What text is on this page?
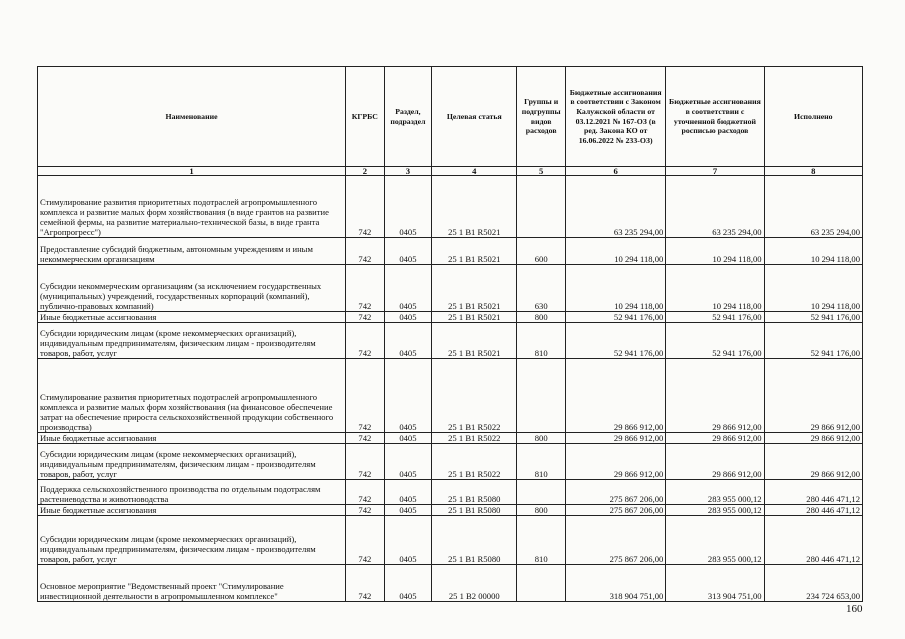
Наименование	КГРБС	Раздел, подраздел	Целевая статья	Группы и подгруппы видов расходов	Бюджетные ассигнования в соответствии с Законом Калужской области от 03.12.2021 № 167-ОЗ (в ред. Закона КО от 16.06.2022 № 233-ОЗ)	Бюджетные ассигнования в соответствии с уточненной бюджетной росписью расходов	Исполнено
1	2	3	4	5	6	7	8
Стимулирование развития приоритетных подотраслей агропромышленного комплекса и развитие малых форм хозяйствования (в виде грантов на развитие семейной фермы, на развитие материально-технической базы, в виде гранта "Агропрогресс")	742	0405	25 1 В1 R5021		63 235 294,00	63 235 294,00	63 235 294,00
Предоставление субсидий бюджетным, автономным учреждениям и иным некоммерческим организациям	742	0405	25 1 В1 R5021	600	10 294 118,00	10 294 118,00	10 294 118,00
Субсидии некоммерческим организациям (за исключением государственных (муниципальных) учреждений, государственных корпораций (компаний), публично-правовых компаний)	742	0405	25 1 В1 R5021	630	10 294 118,00	10 294 118,00	10 294 118,00
Иные бюджетные ассигнования	742	0405	25 1 В1 R5021	800	52 941 176,00	52 941 176,00	52 941 176,00
Субсидии юридическим лицам (кроме некоммерческих организаций), индивидуальным предпринимателям, физическим лицам - производителям товаров, работ, услуг	742	0405	25 1 В1 R5021	810	52 941 176,00	52 941 176,00	52 941 176,00
Стимулирование развития приоритетных подотраслей агропромышленного комплекса и развитие малых форм хозяйствования (на финансовое обеспечение затрат на обеспечение прироста сельскохозяйственной продукции собственного производства)	742	0405	25 1 В1 R5022		29 866 912,00	29 866 912,00	29 866 912,00
Иные бюджетные ассигнования	742	0405	25 1 В1 R5022	800	29 866 912,00	29 866 912,00	29 866 912,00
Субсидии юридическим лицам (кроме некоммерческих организаций), индивидуальным предпринимателям, физическим лицам - производителям товаров, работ, услуг	742	0405	25 1 В1 R5022	810	29 866 912,00	29 866 912,00	29 866 912,00
Поддержка сельскохозяйственного производства по отдельным подотраслям растениеводства и животноводства	742	0405	25 1 В1 R5080		275 867 206,00	283 955 000,12	280 446 471,12
Иные бюджетные ассигнования	742	0405	25 1 В1 R5080	800	275 867 206,00	283 955 000,12	280 446 471,12
Субсидии юридическим лицам (кроме некоммерческих организаций), индивидуальным предпринимателям, физическим лицам - производителям товаров, работ, услуг	742	0405	25 1 В1 R5080	810	275 867 206,00	283 955 000,12	280 446 471,12
Основное мероприятие "Ведомственный проект "Стимулирование инвестиционной деятельности в агропромышленном комплексе"	742	0405	25 1 В2 00000		318 904 751,00	313 904 751,00	234 724 653,00
160
